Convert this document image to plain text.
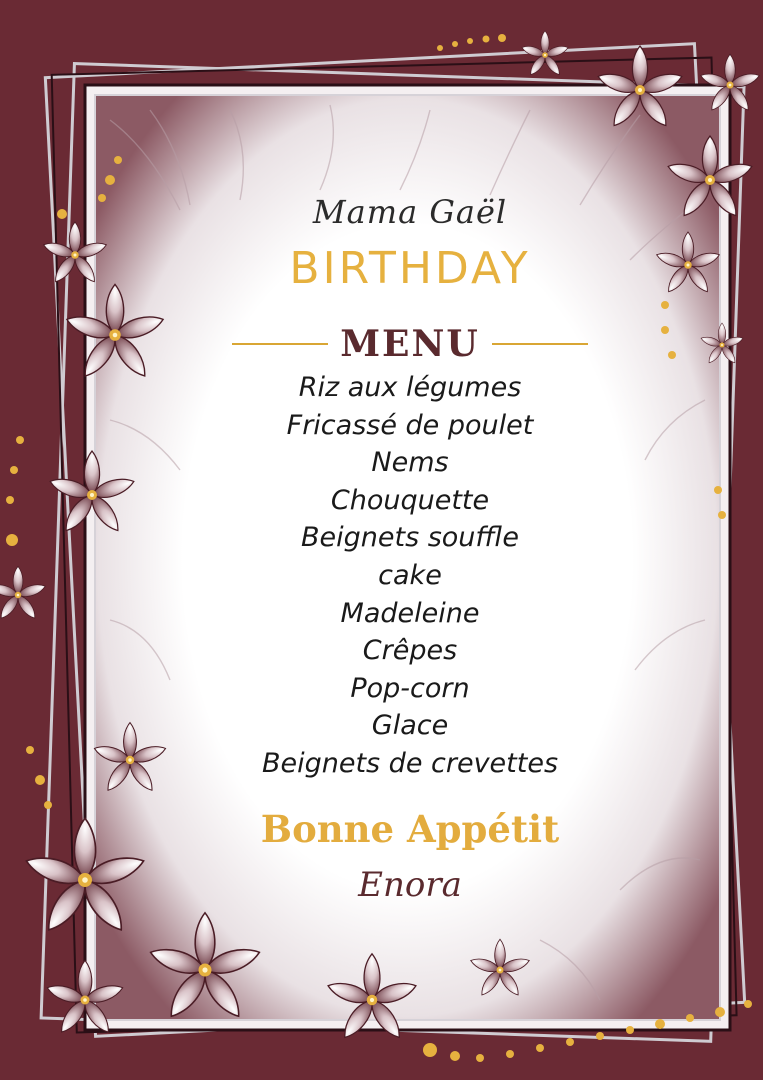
Mama Gaël
BIRTHDAY
MENU
Riz aux légumes
Fricassé de poulet
Nems
Chouquette
Beignets souffle
cake
Madeleine
Crêpes
Pop-corn
Glace
Beignets de crevettes
Bonne Appétit
Enora
